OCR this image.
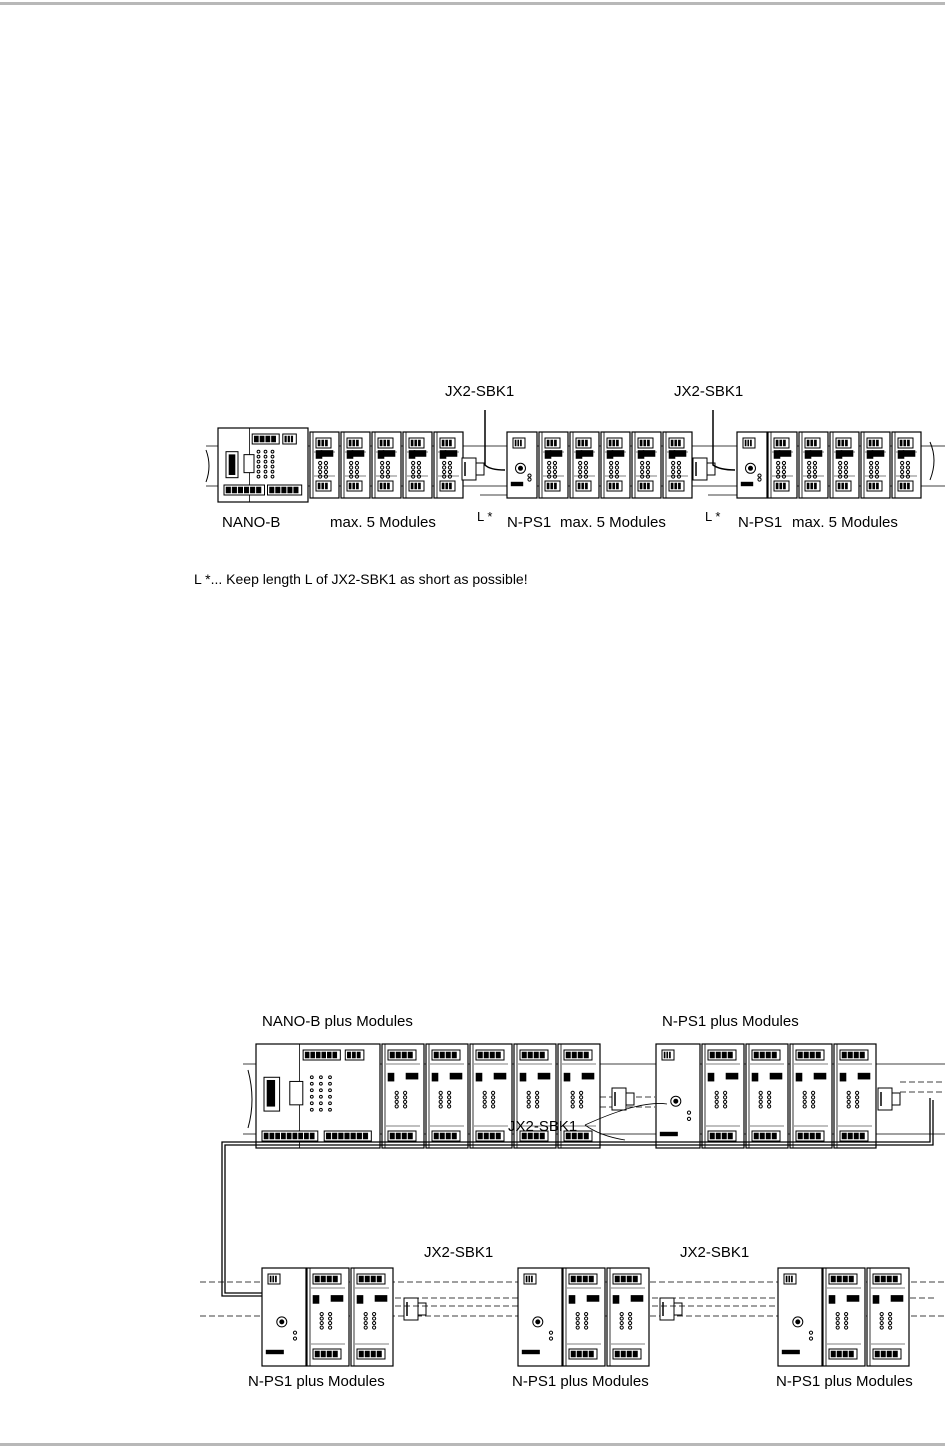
JX2-SBK1	JX2-SBK1
NANO-B	max. 5 Modules	L * N-PS1 max. 5 Modules	L * N-PS1 max. 5 Modules
L *... Keep length L of JX2-SBK1 as short as possible!
NANO-B plus Modules	N-PS1 plus Modules
JX2-SBK1
JX2-SBK1	JX2-SBK1
N-PS1 plus Modules	N-PS1 plus Modules	N-PS1 plus Modules
